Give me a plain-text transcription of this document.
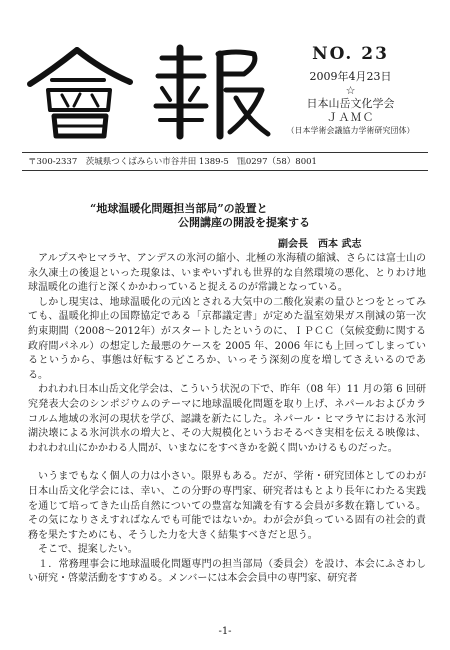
NO. 23
2009年4月23日
☆
日本山岳文化学会
ＪＡＭＣ
（日本学術会議協力学術研究団体）
〒300-2337　茨城県つくばみらい市谷井田 1389-5　℡0297（58）8001
“地球温暖化問題担当部局”の設置と
公開講座の開設を提案する
副会長　西本 武志

アルプスやヒマラヤ、アンデスの氷河の縮小、北極の氷海積の縮減、さらには富士山の永久凍土の後退といった現象は、いまやいずれも世界的な自然環境の悪化、とりわけ地球温暖化の進行と深くかかわっていると捉えるのが常識となっている。

しかし現実は、地球温暖化の元凶とされる大気中の二酸化炭素の量ひとつをとってみても、温暖化抑止の国際協定である「京都議定書」が定めた温室効果ガス削減の第一次約束期間（2008～2012年）がスタートしたというのに、ＩＰＣＣ（気候変動に関する政府間パネル）の想定した最悪のケースを 2005 年、2006 年にも上回ってしまっているというから、事態は好転するどころか、いっそう深刻の度を増してさえいるのである。

われわれ日本山岳文化学会は、こういう状況の下で、昨年（08 年）11 月の第 6 回研究発表大会のシンポジウムのテーマに地球温暖化問題を取り上げ、ネパールおよびカラコルム地域の氷河の現状を学び、認識を新たにした。ネパール・ヒマラヤにおける氷河湖決壊による氷河洪水の増大と、その大規模化というおそるべき実相を伝える映像は、われわれ山にかかわる人間が、いまなにをすべきかを鋭く問いかけるものだった。

いうまでもなく個人の力は小さい。限界もある。だが、学術・研究団体としてのわが日本山岳文化学会には、幸い、この分野の専門家、研究者はもとより長年にわたる実践を通じて培ってきた山岳自然についての豊富な知識を有する会員が多数在籍している。その気になりさえすればなんでも可能ではないか。わが会が負っている固有の社会的責務を果たすためにも、そうした力を大きく結集すべきだと思う。

そこで、提案したい。

１．常務理事会に地球温暖化問題専門の担当部局（委員会）を設け、本会にふさわしい研究・啓蒙活動をすすめる。メンバーには本会会員中の専門家、研究者

-1-
